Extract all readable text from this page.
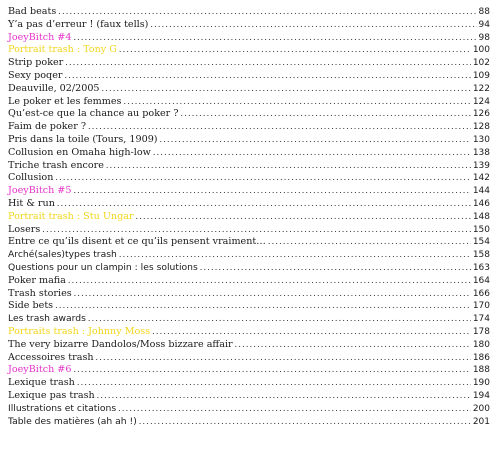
Bad beats .....	88
Y’a pas d’erreur ! (faux tells) .....	94
JoeyBitch #4 .....	98
Portrait trash : Tony G .....	100
Strip poker .....	102
Sexy poqer .....	109
Deauville, 02/2005 .....	122
Le poker et les femmes .....	124
Qu’est-ce que la chance au poker ? .....	126
Faim de poker ? .....	128
Pris dans la toile (Tours, 1909) .....	130
Collusion en Omaha high-low .....	138
Triche trash encore .....	139
Collusion .....	142
JoeyBitch #5 .....	144
Hit & run .....	146
Portrait trash : Stu Ungar .....	148
Losers .....	150
Entre ce qu’ils disent et ce qu’ils pensent vraiment… .....	154
Arché(sales)types trash .....	158
Questions pour un clampin : les solutions .....	163
Poker mafia .....	164
Trash stories .....	166
Side bets .....	170
Les trash awards .....	174
Portraits trash : Johnny Moss .....	178
The very bizarre Dandolos/Moss bizzare affair .....	180
Accessoires trash .....	186
JoeyBitch #6 .....	188
Lexique trash .....	190
Lexique pas trash .....	194
Illustrations et citations .....	200
Table des matières (ah ah !) .....	201
